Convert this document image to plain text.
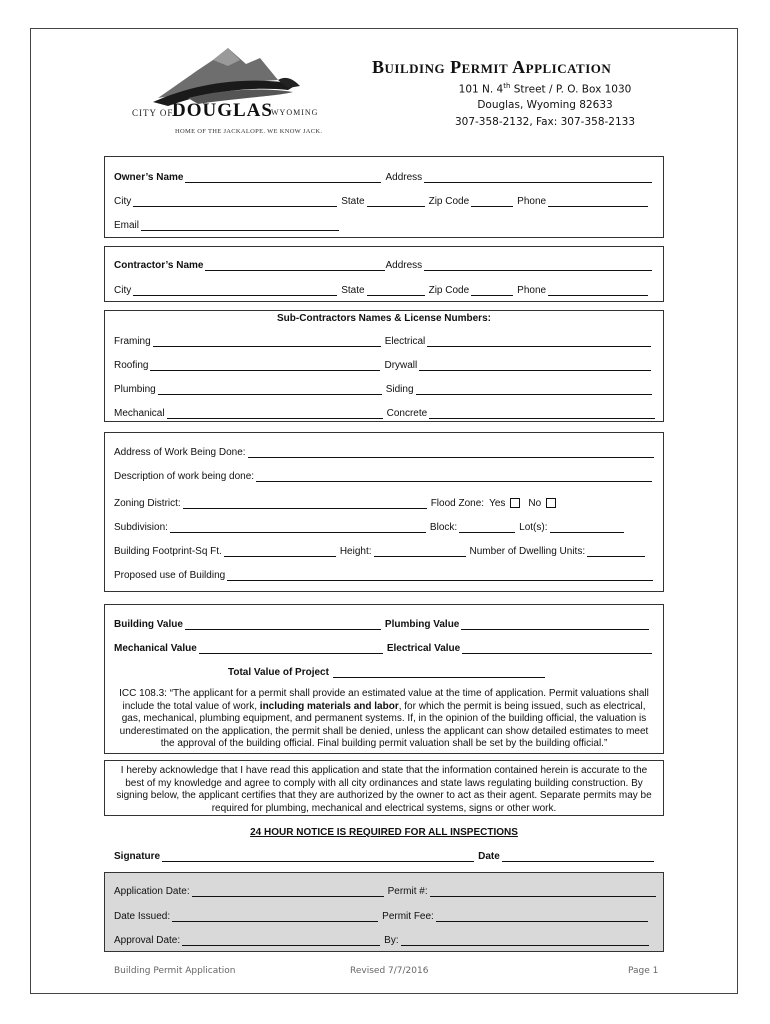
CITY OF
DOUGLAS
WYOMING
HOME OF THE JACKALOPE. WE KNOW JACK.
Building Permit Application
101 N. 4th Street / P. O. Box 1030
Douglas, Wyoming 82633
307-358-2132, Fax: 307-358-2133
Owner’s Name	Address
City	State	Zip Code	Phone
Email
Contractor’s Name	Address
City	State	Zip Code	Phone
Sub-Contractors Names & License Numbers:
Framing	Electrical
Roofing	Drywall
Plumbing	Siding
Mechanical	Concrete
Address of Work Being Done:
Description of work being done:
Zoning District:	Flood Zone: Yes No
Subdivision:	Block:	Lot(s):
Building Footprint-Sq Ft.	Height:	Number of Dwelling Units:
Proposed use of Building
Building Value	Plumbing Value
Mechanical Value	Electrical Value
Total Value of Project
ICC 108.3: “The applicant for a permit shall provide an estimated value at the time of application. Permit valuations shall
include the total value of work, including materials and labor, for which the permit is being issued, such as electrical,
gas, mechanical, plumbing equipment, and permanent systems. If, in the opinion of the building official, the valuation is
underestimated on the application, the permit shall be denied, unless the applicant can show detailed estimates to meet
the approval of the building official. Final building permit valuation shall be set by the building official.”
I hereby acknowledge that I have read this application and state that the information contained herein is accurate to the
best of my knowledge and agree to comply with all city ordinances and state laws regulating building construction. By
signing below, the applicant certifies that they are authorized by the owner to act as their agent. Separate permits may be
required for plumbing, mechanical and electrical systems, signs or other work.
24 HOUR NOTICE IS REQUIRED FOR ALL INSPECTIONS
Signature	Date
Application Date:	Permit #:
Date Issued:	Permit Fee:
Approval Date:	By:
Building Permit Application	Revised 7/7/2016	Page 1
